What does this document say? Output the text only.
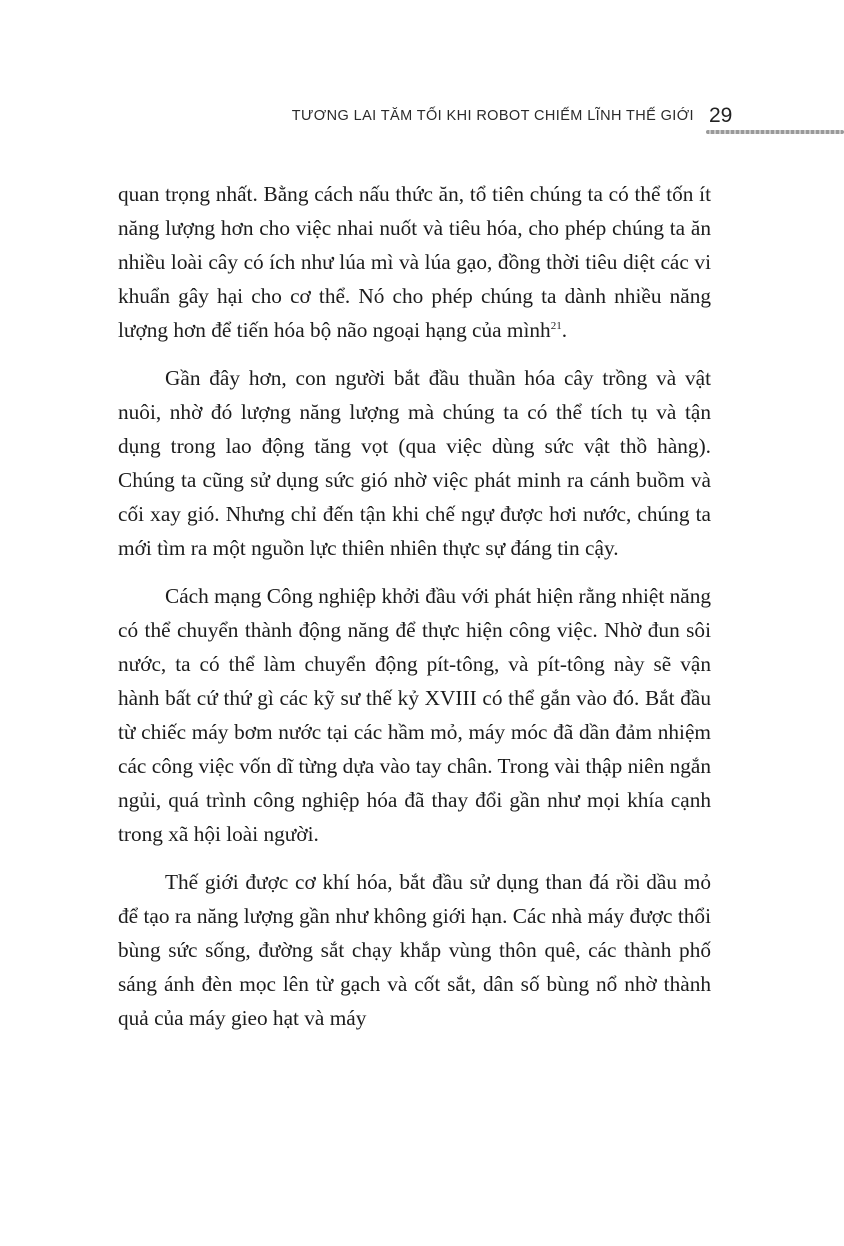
TƯƠNG LAI TĂM TỐI KHI ROBOT CHIẾM LĨNH THẾ GIỚI 29

quan trọng nhất. Bằng cách nấu thức ăn, tổ tiên chúng ta có thể tốn ít năng lượng hơn cho việc nhai nuốt và tiêu hóa, cho phép chúng ta ăn nhiều loài cây có ích như lúa mì và lúa gạo, đồng thời tiêu diệt các vi khuẩn gây hại cho cơ thể. Nó cho phép chúng ta dành nhiều năng lượng hơn để tiến hóa bộ não ngoại hạng của mình$^{21}$.

Gần đây hơn, con người bắt đầu thuần hóa cây trồng và vật nuôi, nhờ đó lượng năng lượng mà chúng ta có thể tích tụ và tận dụng trong lao động tăng vọt (qua việc dùng sức vật thồ hàng). Chúng ta cũng sử dụng sức gió nhờ việc phát minh ra cánh buồm và cối xay gió. Nhưng chỉ đến tận khi chế ngự được hơi nước, chúng ta mới tìm ra một nguồn lực thiên nhiên thực sự đáng tin cậy.

Cách mạng Công nghiệp khởi đầu với phát hiện rằng nhiệt năng có thể chuyển thành động năng để thực hiện công việc. Nhờ đun sôi nước, ta có thể làm chuyển động pít-tông, và pít-tông này sẽ vận hành bất cứ thứ gì các kỹ sư thế kỷ XVIII có thể gắn vào đó. Bắt đầu từ chiếc máy bơm nước tại các hầm mỏ, máy móc đã dần đảm nhiệm các công việc vốn dĩ từng dựa vào tay chân. Trong vài thập niên ngắn ngủi, quá trình công nghiệp hóa đã thay đổi gần như mọi khía cạnh trong xã hội loài người.

Thế giới được cơ khí hóa, bắt đầu sử dụng than đá rồi dầu mỏ để tạo ra năng lượng gần như không giới hạn. Các nhà máy được thổi bùng sức sống, đường sắt chạy khắp vùng thôn quê, các thành phố sáng ánh đèn mọc lên từ gạch và cốt sắt, dân số bùng nổ nhờ thành quả của máy gieo hạt và máy
